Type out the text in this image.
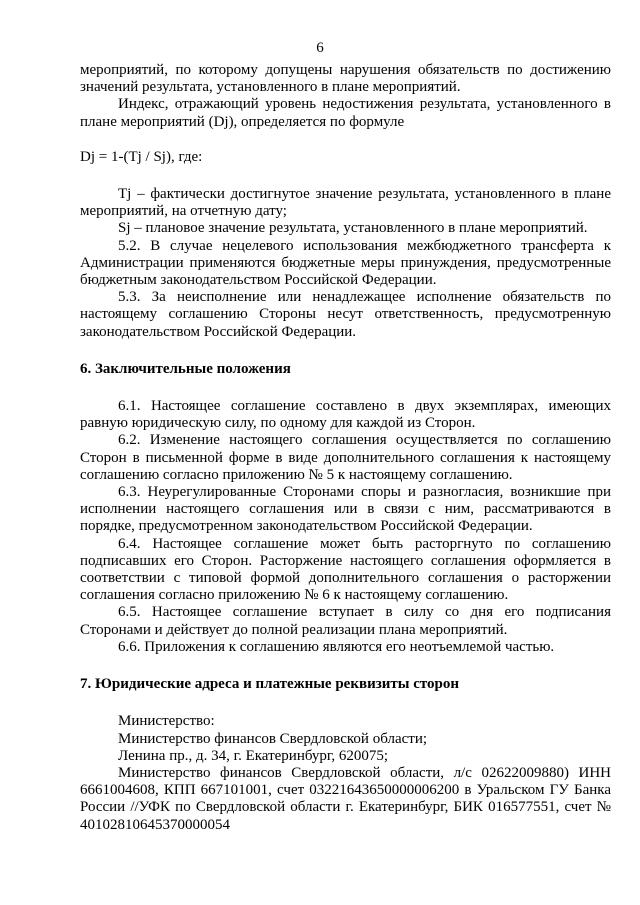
6

мероприятий, по которому допущены нарушения обязательств по достижению значений результата, установленного в плане мероприятий.

Индекс, отражающий уровень недостижения результата, установленного в плане мероприятий (Dj), определяется по формуле

Dj = 1-(Tj / Sj), где:

Tj – фактически достигнутое значение результата, установленного в плане мероприятий, на отчетную дату;

Sj – плановое значение результата, установленного в плане мероприятий.

5.2. В случае нецелевого использования межбюджетного трансферта к Администрации применяются бюджетные меры принуждения, предусмотренные бюджетным законодательством Российской Федерации.

5.3. За неисполнение или ненадлежащее исполнение обязательств по настоящему соглашению Стороны несут ответственность, предусмотренную законодательством Российской Федерации.

6. Заключительные положения

6.1. Настоящее соглашение составлено в двух экземплярах, имеющих равную юридическую силу, по одному для каждой из Сторон.

6.2. Изменение настоящего соглашения осуществляется по соглашению Сторон в письменной форме в виде дополнительного соглашения к настоящему соглашению согласно приложению № 5 к настоящему соглашению.

6.3. Неурегулированные Сторонами споры и разногласия, возникшие при исполнении настоящего соглашения или в связи с ним, рассматриваются в порядке, предусмотренном законодательством Российской Федерации.

6.4. Настоящее соглашение может быть расторгнуто по соглашению подписавших его Сторон. Расторжение настоящего соглашения оформляется в соответствии с типовой формой дополнительного соглашения о расторжении соглашения согласно приложению № 6 к настоящему соглашению.

6.5. Настоящее соглашение вступает в силу со дня его подписания Сторонами и действует до полной реализации плана мероприятий.

6.6. Приложения к соглашению являются его неотъемлемой частью.

7. Юридические адреса и платежные реквизиты сторон

Министерство:

Министерство финансов Свердловской области;

Ленина пр., д. 34, г. Екатеринбург, 620075;

Министерство финансов Свердловской области, л/с 02622009880) ИНН 6661004608, КПП 667101001, счет 03221643650000006200 в Уральском ГУ Банка России //УФК по Свердловской области г. Екатеринбург, БИК 016577551, счет № 40102810645370000054
